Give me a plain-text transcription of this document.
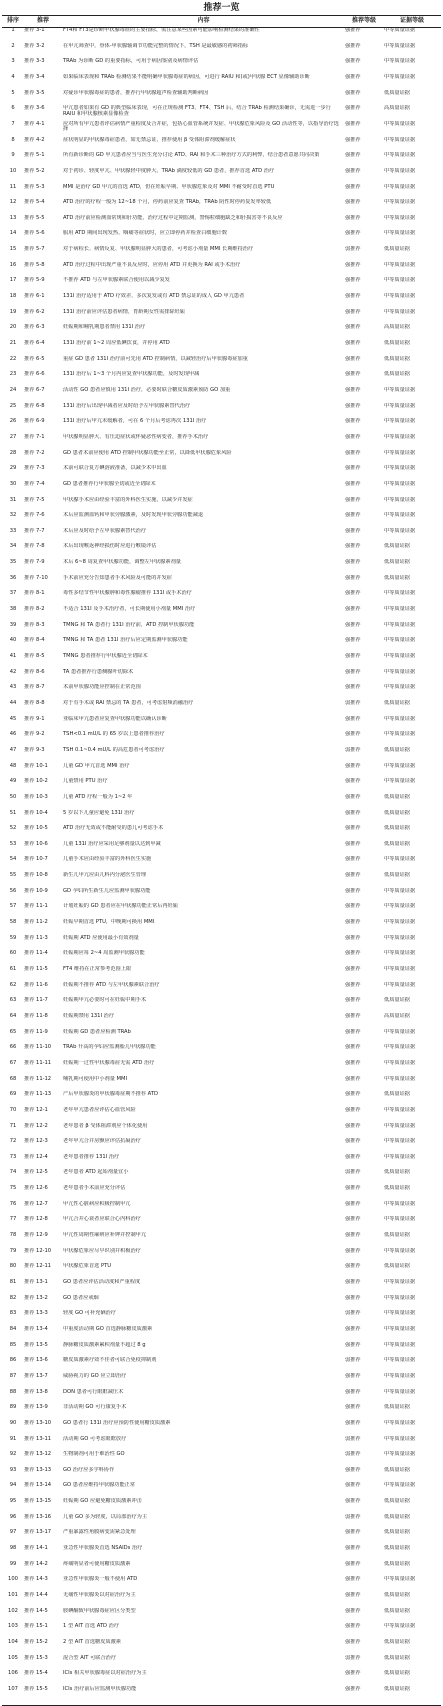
推荐一览
排序	推荐	内容	推荐等级	证据等级
1	推荐 3-1	FT4和 FT3是诊断甲状腺毒症的主要指标，需注意某些因素可能影响检测结果的准确性	强推荐	中等质量证据
2	推荐 3-2	在甲亢筛查中，垂体-甲状腺轴调节功能完整的情况下，TSH 是最敏感的初筛指标	强推荐	中等质量证据
3	推荐 3-3	TRAb 为诊断 GD 的重要指标，可用于病因鉴别及病情评估	强推荐	中等质量证据
4	推荐 3-4	如果临床表现和 TRAb 检测结果不能明确甲状腺毒症的病因，可进行 RAIU 和(或)甲状腺 ECT 显像辅助诊断	强推荐	中等质量证据
5	推荐 3-5	对疑诊甲状腺毒症的患者，推荐行甲状腺超声检查辅助判断病因	强推荐	低质量证据
6	推荐 3-6	甲亢患者如果有 GD 的典型临床表现，可在正规检测 FT3、FT4、TSH 后，结合 TRAb 检测结果确诊，无需进一步行 RAIU 和甲状腺核素显像检查
强推荐	高质量证据
7	推荐 4-1	应对所有甲亢患者评估病情严重程度及合并症，包括心血管系统并发症、甲状腺危象风险及 GO 活动性等，以指导治疗选择
强推荐	中等质量证据
8	推荐 4-2	症状明显的甲状腺毒症患者，如无禁忌证，推荐使用 β 受体阻滞剂缓解症状	强推荐	中等质量证据
9	推荐 5-1	所有新诊断的 GD 甲亢患者应当与医生充分讨论 ATD、RAI 和手术三种治疗方式的利弊，结合患者意愿共同决策	强推荐	中等质量证据
10	推荐 5-2	对于初诊、轻度甲亢、甲状腺轻中度肿大、TRAb 滴度较低的 GD 患者，推荐首选 ATD 治疗	强推荐	中等质量证据
11	推荐 5-3	MMI 是治疗 GD 甲亢的首选 ATD，但在妊娠早期、甲状腺危象及对 MMI 不耐受时首选 PTU	强推荐	中等质量证据
12	推荐 5-4	ATD 治疗的疗程一般为 12~18 个月，停药前应复查 TRAb，TRAb 阴性时停药复发率较低	强推荐	中等质量证据
13	推荐 5-5	ATD 治疗前应检测血常规和肝功能，治疗过程中定期监测，警惕粒细胞缺乏和肝损害等不良反应	强推荐	中等质量证据
14	推荐 5-6	服用 ATD 期间出现发热、咽痛等症状时，应立即停药并检查白细胞计数	强推荐	中等质量证据
15	推荐 5-7	对于病程长、病情反复、甲状腺明显肿大的患者，可考虑小剂量 MMI 长期维持治疗	弱推荐	低质量证据
16	推荐 5-8	ATD 治疗过程中出现严重不良反应时，应停用 ATD 并更换为 RAI 或手术治疗	强推荐	中等质量证据
17	推荐 5-9	不推荐 ATD 与左甲状腺素联合使用以减少复发	强推荐	中等质量证据
18	推荐 6-1	131I 治疗适用于 ATD 疗效差、多次复发或有 ATD 禁忌证的成人 GD 甲亢患者	强推荐	中等质量证据
19	推荐 6-2	131I 治疗前应评估患者病情，育龄期女性需排除妊娠	强推荐	中等质量证据
20	推荐 6-3	妊娠期和哺乳期患者禁用 131I 治疗	强推荐	高质量证据
21	推荐 6-4	131I 治疗前 1~2 周应低碘饮食，并停用 ATD	强推荐	低质量证据
22	推荐 6-5	重症 GD 患者 131I 治疗前可先用 ATD 控制病情，以减轻治疗后甲状腺毒症加重	强推荐	低质量证据
23	推荐 6-6	131I 治疗后 1~3 个月内应复查甲状腺功能，及时发现甲减	强推荐	低质量证据
24	推荐 6-7	活动性 GO 患者应慎用 131I 治疗，必要时联合糖皮质激素预防 GO 加重	强推荐	中等质量证据
25	推荐 6-8	131I 治疗后出现甲减者应及时给予左甲状腺素替代治疗	强推荐	中等质量证据
26	推荐 6-9	131I 治疗后甲亢未缓解者，可在 6 个月后考虑再次 131I 治疗	强推荐	中等质量证据
27	推荐 7-1	甲状腺明显肿大、有压迫症状或怀疑恶性病变者，推荐手术治疗	强推荐	中等质量证据
28	推荐 7-2	GD 患者术前应使用 ATD 控制甲状腺功能至正常，以降低甲状腺危象风险	强推荐	中等质量证据
29	推荐 7-3	术前可联合复方碘溶液准备，以减少术中出血	强推荐	中等质量证据
30	推荐 7-4	GD 患者推荐行甲状腺全切或近全切除术	强推荐	中等质量证据
31	推荐 7-5	甲状腺手术应由经验丰富的外科医生实施，以减少并发症	强推荐	中等质量证据
32	推荐 7-6	术后应监测血钙和甲状旁腺激素，及时发现甲状旁腺功能减退	强推荐	中等质量证据
33	推荐 7-7	术后应及时给予左甲状腺素替代治疗	强推荐	中等质量证据
34	推荐 7-8	术后出现喉返神经损伤时应进行喉镜评估	强推荐	低质量证据
35	推荐 7-9	术后 6~8 周复查甲状腺功能，调整左甲状腺素剂量	强推荐	低质量证据
36	推荐 7-10	手术前应充分告知患者手术风险及可能的并发症	强推荐	低质量证据
37	推荐 8-1	毒性多结节性甲状腺肿和毒性腺瘤推荐 131I 或手术治疗	强推荐	中等质量证据
38	推荐 8-2	不适合 131I 及手术治疗者，可长期使用小剂量 MMI 治疗	强推荐	中等质量证据
39	推荐 8-3	TMNG 和 TA 患者行 131I 治疗前，ATD 控制甲状腺功能	强推荐	中等质量证据
40	推荐 8-4	TMNG 和 TA 患者 131I 治疗后应定期监测甲状腺功能	强推荐	中等质量证据
41	推荐 8-5	TMNG 患者推荐行甲状腺近全切除术	强推荐	中等质量证据
42	推荐 8-6	TA 患者推荐行患侧腺叶切除术	强推荐	中等质量证据
43	推荐 8-7	术前甲状腺功能应控制在正常范围	强推荐	中等质量证据
44	推荐 8-8	对于有手术或 RAI 禁忌的 TA 患者，可考虑射频消融治疗	弱推荐	低质量证据
45	推荐 9-1	亚临床甲亢患者应复查甲状腺功能以确认诊断	强推荐	中等质量证据
46	推荐 9-2	TSH<0.1 mU/L 的 65 岁以上患者推荐治疗	强推荐	中等质量证据
47	推荐 9-3	TSH 0.1~0.4 mU/L 的高危患者可考虑治疗	弱推荐	低质量证据
48	推荐 10-1	儿童 GD 甲亢首选 MMI 治疗	强推荐	中等质量证据
49	推荐 10-2	儿童禁用 PTU 治疗	强推荐	中等质量证据
50	推荐 10-3	儿童 ATD 疗程一般为 1~2 年	强推荐	低质量证据
51	推荐 10-4	5 岁以下儿童应避免 131I 治疗	强推荐	低质量证据
52	推荐 10-5	ATD 治疗无效或不能耐受的患儿可考虑手术	强推荐	低质量证据
53	推荐 10-6	儿童 131I 治疗应采用足够剂量以达到甲减	强推荐	低质量证据
54	推荐 10-7	儿童手术应由经验丰富的外科医生实施	强推荐	中等质量证据
55	推荐 10-8	新生儿甲亢应由儿科内分泌医生管理	强推荐	低质量证据
56	推荐 10-9	GD 孕妇所生新生儿应监测甲状腺功能	强推荐	中等质量证据
57	推荐 11-1	计划妊娠的 GD 患者应在甲状腺功能正常后再妊娠	强推荐	中等质量证据
58	推荐 11-2	妊娠早期首选 PTU，中晚期可换用 MMI	强推荐	中等质量证据
59	推荐 11-3	妊娠期 ATD 应使用最小有效剂量	强推荐	中等质量证据
60	推荐 11-4	妊娠期应每 2~4 周监测甲状腺功能	强推荐	中等质量证据
61	推荐 11-5	FT4 维持在正常参考范围上限	强推荐	中等质量证据
62	推荐 11-6	妊娠期不推荐 ATD 与左甲状腺素联合治疗	强推荐	中等质量证据
63	推荐 11-7	妊娠期甲亢必要时可在妊娠中期手术	强推荐	低质量证据
64	推荐 11-8	妊娠期禁用 131I 治疗	强推荐	高质量证据
65	推荐 11-9	妊娠期 GD 患者应检测 TRAb	强推荐	中等质量证据
66	推荐 11-10	TRAb 升高的孕妇应监测胎儿甲状腺功能	强推荐	中等质量证据
67	推荐 11-11	妊娠期一过性甲状腺毒症无需 ATD 治疗	强推荐	中等质量证据
68	推荐 11-12	哺乳期可使用中小剂量 MMI	强推荐	中等质量证据
69	推荐 11-13	产后甲状腺炎的甲状腺毒症期不推荐 ATD	强推荐	低质量证据
70	推荐 12-1	老年甲亢患者应评估心血管风险	强推荐	中等质量证据
71	推荐 12-2	老年患者 β 受体阻滞剂应个体化使用	强推荐	中等质量证据
72	推荐 12-3	老年甲亢合并房颤应评估抗凝治疗	强推荐	中等质量证据
73	推荐 12-4	老年患者推荐 131I 治疗	强推荐	中等质量证据
74	推荐 12-5	老年患者 ATD 起始剂量宜小	弱推荐	低质量证据
75	推荐 12-6	老年患者手术前应充分评估	强推荐	低质量证据
76	推荐 12-7	甲亢性心脏病应积极控制甲亢	强推荐	中等质量证据
77	推荐 12-8	甲亢合并心衰者应联合心内科治疗	强推荐	中等质量证据
78	推荐 12-9	甲亢性周期性麻痹应补钾并控制甲亢	强推荐	低质量证据
79	推荐 12-10	甲状腺危象应尽早识别并积极治疗	强推荐	中等质量证据
80	推荐 12-11	甲状腺危象首选 PTU	强推荐	低质量证据
81	推荐 13-1	GO 患者应评估活动度和严重程度	强推荐	中等质量证据
82	推荐 13-2	GO 患者应戒烟	强推荐	中等质量证据
83	推荐 13-3	轻度 GO 可补充硒治疗	弱推荐	中等质量证据
84	推荐 13-4	中重度活动期 GO 首选静脉糖皮质激素	强推荐	中等质量证据
85	推荐 13-5	静脉糖皮质激素累积剂量不超过 8 g	强推荐	中等质量证据
86	推荐 13-6	糖皮质激素疗效不佳者可联合免疫抑制剂	弱推荐	中等质量证据
87	推荐 13-7	威胁视力的 GO 应立即治疗	强推荐	中等质量证据
88	推荐 13-8	DON 患者可行眼眶减压术	强推荐	中等质量证据
89	推荐 13-9	非活动期 GO 可行康复手术	强推荐	低质量证据
90	推荐 13-10	GO 患者行 131I 治疗应预防性使用糖皮质激素	强推荐	中等质量证据
91	推荐 13-11	活动期 GO 可考虑眼眶放疗	弱推荐	中等质量证据
92	推荐 13-12	生物制剂可用于难治性 GO	弱推荐	中等质量证据
93	推荐 13-13	GO 治疗应多学科协作	强推荐	低质量证据
94	推荐 13-14	GO 患者应维持甲状腺功能正常	强推荐	中等质量证据
95	推荐 13-15	妊娠期 GO 应避免糖皮质激素冲击	强推荐	低质量证据
96	推荐 13-16	儿童 GO 多为轻度，以局部治疗为主	弱推荐	低质量证据
97	推荐 13-17	严重暴露性角膜病变需紧急处理	强推荐	低质量证据
98	推荐 14-1	亚急性甲状腺炎首选 NSAIDs 治疗	强推荐	低质量证据
99	推荐 14-2	疼痛明显者可使用糖皮质激素	强推荐	低质量证据
100	推荐 14-3	亚急性甲状腺炎一般不使用 ATD	强推荐	中等质量证据
101	推荐 14-4	无痛性甲状腺炎以对症治疗为主	强推荐	低质量证据
102	推荐 14-5	胺碘酮致甲状腺毒症应区分类型	强推荐	低质量证据
103	推荐 15-1	1 型 AIT 首选 ATD 治疗	强推荐	中等质量证据
104	推荐 15-2	2 型 AIT 首选糖皮质激素	强推荐	低质量证据
105	推荐 15-3	混合型 AIT 可联合治疗	弱推荐	低质量证据
106	推荐 15-4	ICIs 相关甲状腺毒症以对症治疗为主	强推荐	低质量证据
107	推荐 15-5	ICIs 治疗前后应监测甲状腺功能	强推荐	低质量证据
